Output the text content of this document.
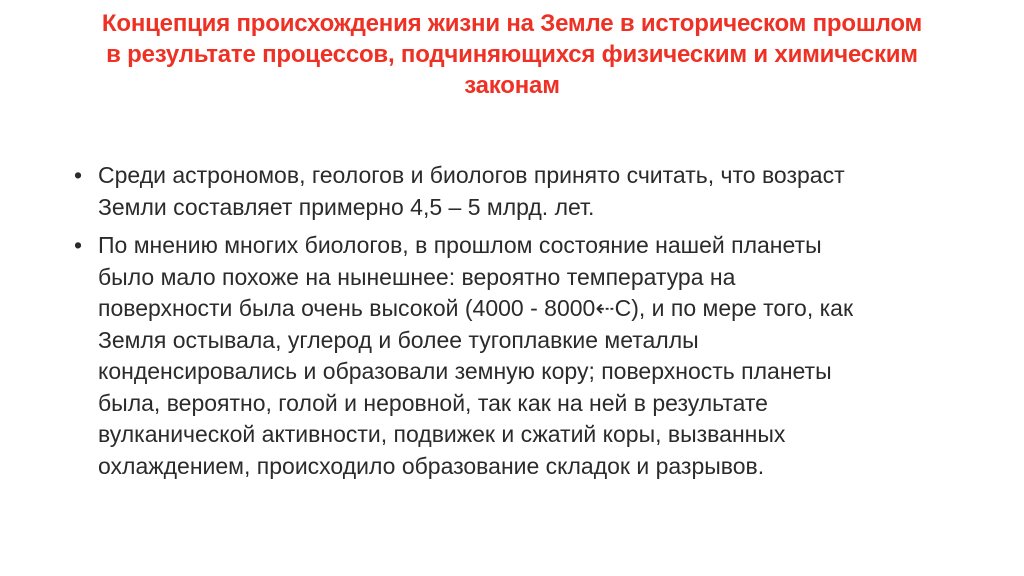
Концепция происхождения жизни на Земле в историческом прошлом
в результате процессов, подчиняющихся физическим и химическим
законам
• Среди астрономов, геологов и биологов принято считать, что возраст
Земли составляет примерно 4,5 – 5 млрд. лет.
• По мнению многих биологов, в прошлом состояние нашей планеты
было мало похоже на нынешнее: вероятно температура на
поверхности была очень высокой (4000 - 8000⇠C), и по мере того, как
Земля остывала, углерод и более тугоплавкие металлы
конденсировались и образовали земную кору; поверхность планеты
была, вероятно, голой и неровной, так как на ней в результате
вулканической активности, подвижек и сжатий коры, вызванных
охлаждением, происходило образование складок и разрывов.
